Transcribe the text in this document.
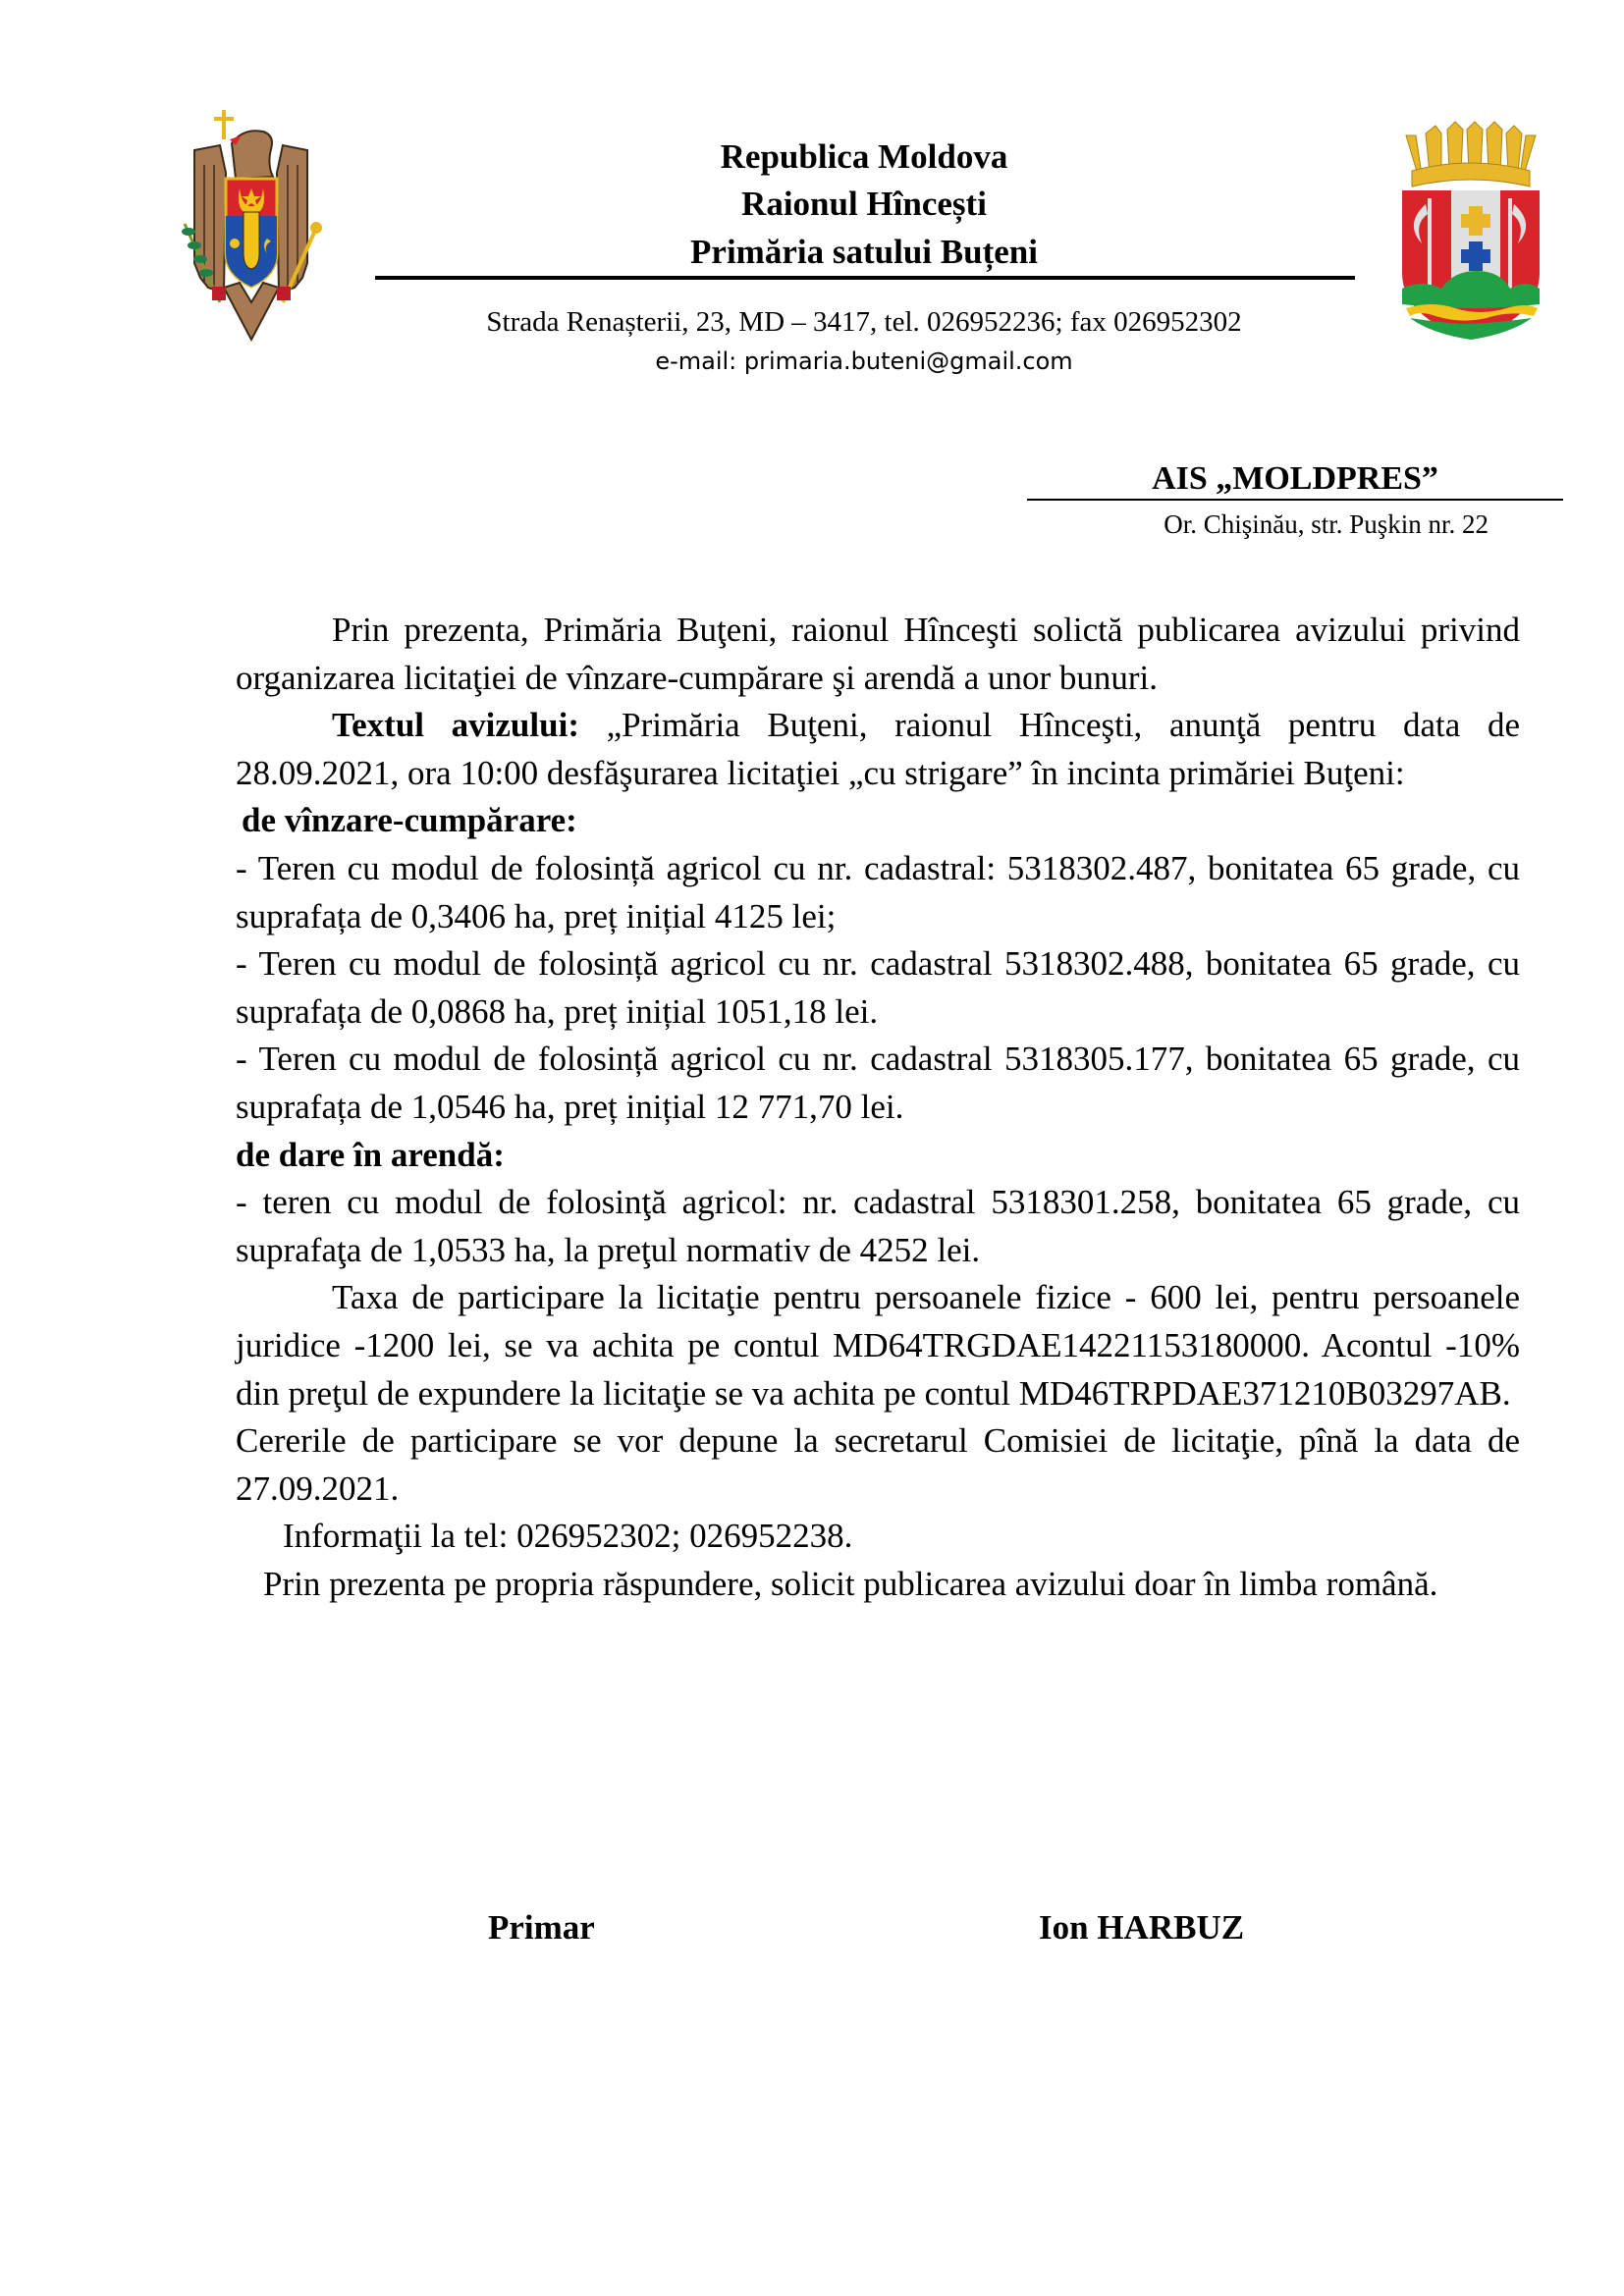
Republica Moldova
Raionul Hîncești
Primăria satului Buțeni
Strada Renașterii, 23, MD – 3417, tel. 026952236; fax 026952302
e-mail: primaria.buteni@gmail.com
AIS „MOLDPRES”
Or. Chişinău, str. Puşkin nr. 22

Prin prezenta, Primăria Buţeni, raionul Hînceşti solictă publicarea avizului privind organizarea licitaţiei de vînzare-cumpărare şi arendă a unor bunuri.

Textul avizului: „Primăria Buţeni, raionul Hînceşti, anunţă pentru data de 28.09.2021, ora 10:00 desfăşurarea licitaţiei „cu strigare” în incinta primăriei Buţeni:

de vînzare-cumpărare:

- Teren cu modul de folosință agricol cu nr. cadastral: 5318302.487, bonitatea 65 grade, cu suprafața de 0,3406 ha, preț inițial 4125 lei;

- Teren cu modul de folosință agricol cu nr. cadastral 5318302.488, bonitatea 65 grade, cu suprafața de 0,0868 ha, preț inițial 1051,18 lei.

- Teren cu modul de folosință agricol cu nr. cadastral 5318305.177, bonitatea 65 grade, cu suprafața de 1,0546 ha, preț inițial 12 771,70 lei.

de dare în arendă:

- teren cu modul de folosinţă agricol: nr. cadastral 5318301.258, bonitatea 65 grade, cu suprafaţa de 1,0533 ha, la preţul normativ de 4252 lei.

Taxa de participare la licitaţie pentru persoanele fizice - 600 lei, pentru persoanele juridice -1200 lei, se va achita pe contul MD64TRGDAE14221153180000. Acontul -10% din preţul de expundere la licitaţie se va achita pe contul MD46TRPDAE371210B03297AB.

Cererile de participare se vor depune la secretarul Comisiei de licitaţie, pînă la data de 27.09.2021.

Informaţii la tel: 026952302; 026952238.

Prin prezenta pe propria răspundere, solicit publicarea avizului doar în limba română.

Primar	Ion HARBUZ
